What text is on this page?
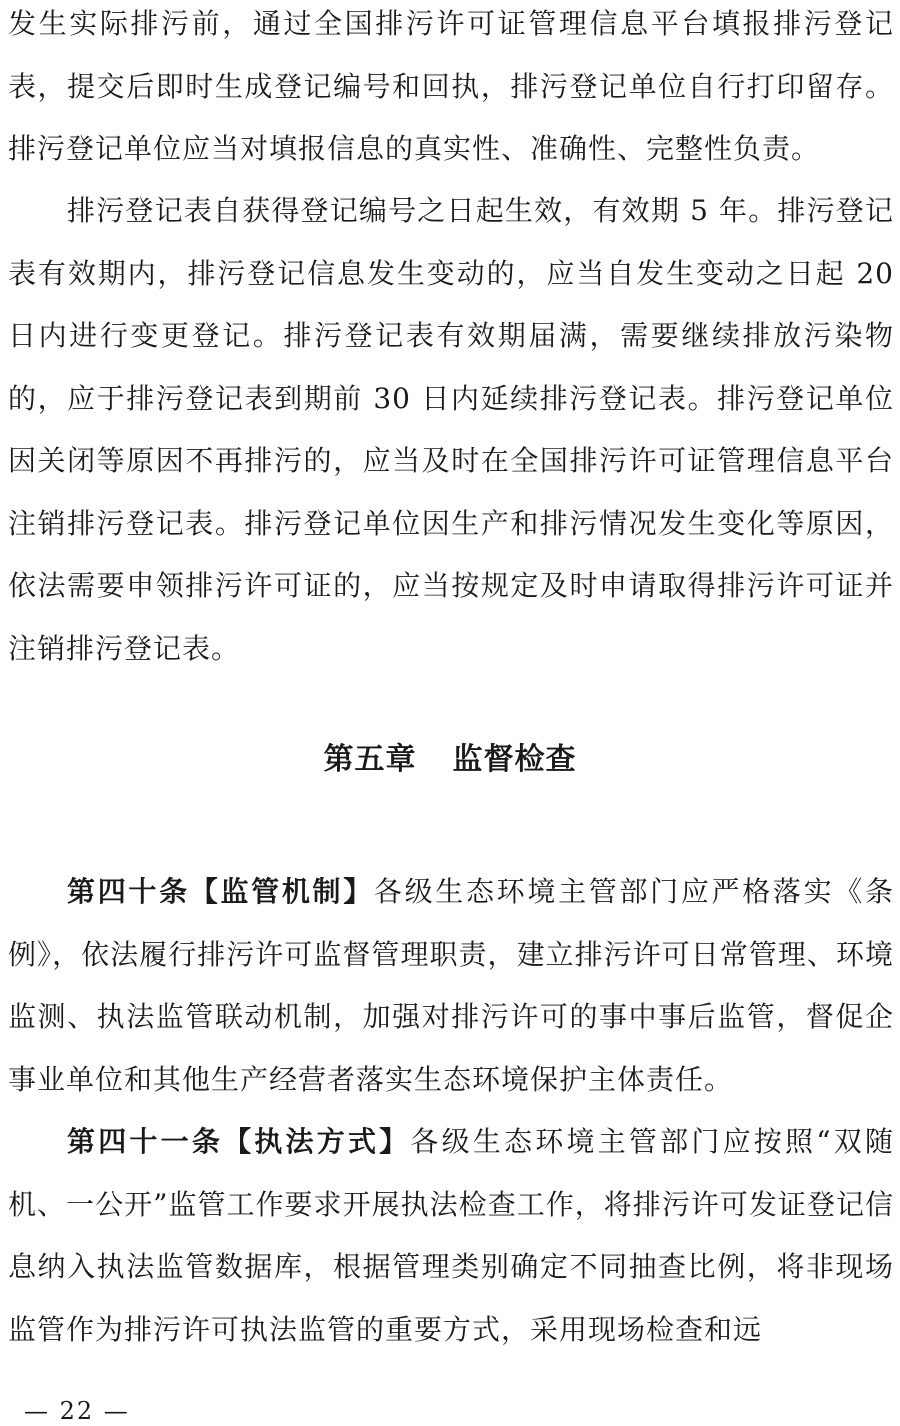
发生实际排污前，通过全国排污许可证管理信息平台填报排污登记表，提交后即时生成登记编号和回执，排污登记单位自行打印留存。排污登记单位应当对填报信息的真实性、准确性、完整性负责。

排污登记表自获得登记编号之日起生效，有效期 5 年。排污登记表有效期内，排污登记信息发生变动的，应当自发生变动之日起 20 日内进行变更登记。排污登记表有效期届满，需要继续排放污染物的，应于排污登记表到期前 30 日内延续排污登记表。排污登记单位因关闭等原因不再排污的，应当及时在全国排污许可证管理信息平台注销排污登记表。排污登记单位因生产和排污情况发生变化等原因，依法需要申领排污许可证的，应当按规定及时申请取得排污许可证并注销排污登记表。

第五章 监督检查

第四十条【监管机制】各级生态环境主管部门应严格落实《条例》，依法履行排污许可监督管理职责，建立排污许可日常管理、环境监测、执法监管联动机制，加强对排污许可的事中事后监管，督促企事业单位和其他生产经营者落实生态环境保护主体责任。

第四十一条【执法方式】各级生态环境主管部门应按照“双随机、一公开”监管工作要求开展执法检查工作，将排污许可发证登记信息纳入执法监管数据库，根据管理类别确定不同抽查比例，将非现场监管作为排污许可执法监管的重要方式，采用现场检查和远

— 22 —
